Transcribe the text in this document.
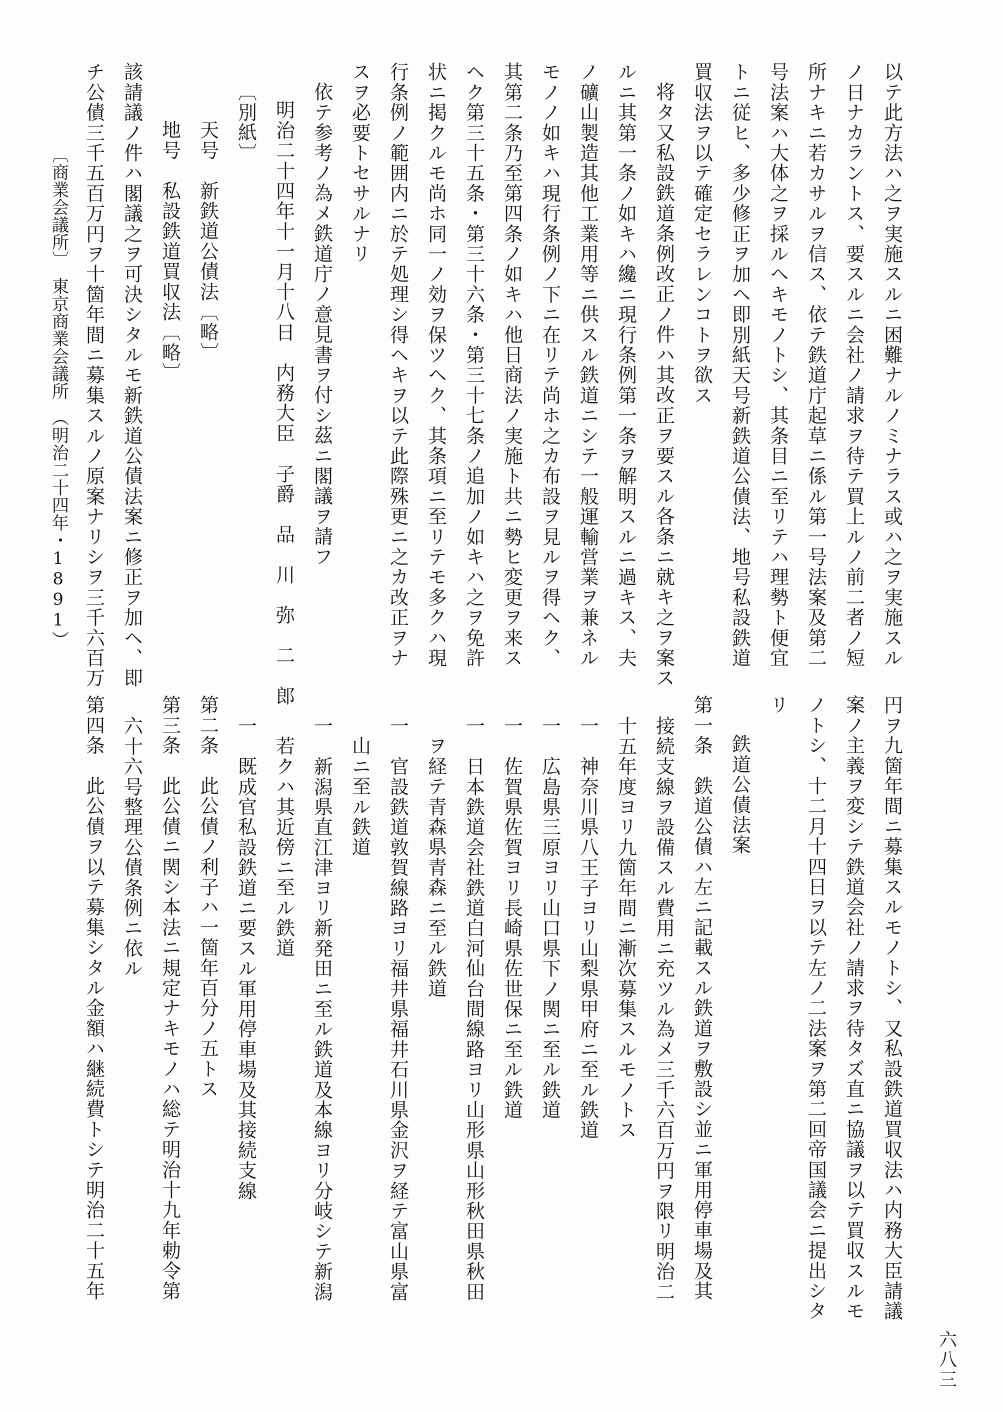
以テ此方法ハ之ヲ実施スルニ困難ナルノミナラス或ハ之ヲ実施スル
ノ日ナカラントス、要スルニ会社ノ請求ヲ待テ買上ルノ前二者ノ短
所ナキニ若カサルヲ信ス、依テ鉄道庁起草ニ係ル第一号法案及第二
号法案ハ大体之ヲ採ルヘキモノトシ、其条目ニ至リテハ理勢ト便宜
トニ従ヒ、多少修正ヲ加ヘ即別紙天号新鉄道公債法、地号私設鉄道
買収法ヲ以テ確定セラレンコトヲ欲ス
将タ又私設鉄道条例改正ノ件ハ其改正ヲ要スル各条ニ就キ之ヲ案ス
ルニ其第一条ノ如キハ纔ニ現行条例第一条ヲ解明スルニ過キス、夫
ノ礦山製造其他工業用等ニ供スル鉄道ニシテ一般運輸営業ヲ兼ネル
モノノ如キハ現行条例ノ下ニ在リテ尚ホ之カ布設ヲ見ルヲ得ヘク、
其第二条乃至第四条ノ如キハ他日商法ノ実施ト共ニ勢ヒ変更ヲ来ス
ヘク第三十五条・第三十六条・第三十七条ノ追加ノ如キハ之ヲ免許
状ニ掲クルモ尚ホ同一ノ効ヲ保ツヘク、其条項ニ至リテモ多クハ現
行条例ノ範囲内ニ於テ処理シ得ヘキヲ以テ此際殊更ニ之カ改正ヲナ
スヲ必要トセサルナリ
依テ参考ノ為メ鉄道庁ノ意見書ヲ付シ茲ニ閣議ヲ請フ
明治二十四年十一月十八日　内務大臣　子爵　品　川　弥　二　郎
〔別紙〕
天号　新鉄道公債法〔略〕
地号　私設鉄道買収法〔略〕
該請議ノ件ハ閣議之ヲ可決シタルモ新鉄道公債法案ニ修正ヲ加ヘ、即
チ公債三千五百万円ヲ十箇年間ニ募集スルノ原案ナリシヲ三千六百万
〔商業会議所〕　東京商業会議所　（明治二十四年・1891）
円ヲ九箇年間ニ募集スルモノトシ、又私設鉄道買収法ハ内務大臣請議
案ノ主義ヲ変シテ鉄道会社ノ請求ヲ待タズ直ニ協議ヲ以テ買収スルモ
ノトシ、十二月十四日ヲ以テ左ノ二法案ヲ第二回帝国議会ニ提出シタ
リ
鉄道公債法案
第一条　鉄道公債ハ左ニ記載スル鉄道ヲ敷設シ並ニ軍用停車場及其
接続支線ヲ設備スル費用ニ充ツル為メ三千六百万円ヲ限リ明治二
十五年度ヨリ九箇年間ニ漸次募集スルモノトス
一　神奈川県八王子ヨリ山梨県甲府ニ至ル鉄道
一　広島県三原ヨリ山口県下ノ関ニ至ル鉄道
一　佐賀県佐賀ヨリ長崎県佐世保ニ至ル鉄道
一　日本鉄道会社鉄道白河仙台間線路ヨリ山形県山形秋田県秋田
ヲ経テ青森県青森ニ至ル鉄道
一　官設鉄道敦賀線路ヨリ福井県福井石川県金沢ヲ経テ富山県富
山ニ至ル鉄道
一　新潟県直江津ヨリ新発田ニ至ル鉄道及本線ヨリ分岐シテ新潟
若クハ其近傍ニ至ル鉄道
一　既成官私設鉄道ニ要スル軍用停車場及其接続支線
第二条　此公債ノ利子ハ一箇年百分ノ五トス
第三条　此公債ニ関シ本法ニ規定ナキモノハ総テ明治十九年勅令第
六十六号整理公債条例ニ依ル
第四条　此公債ヲ以テ募集シタル金額ハ継続費トシテ明治二十五年
六八三
